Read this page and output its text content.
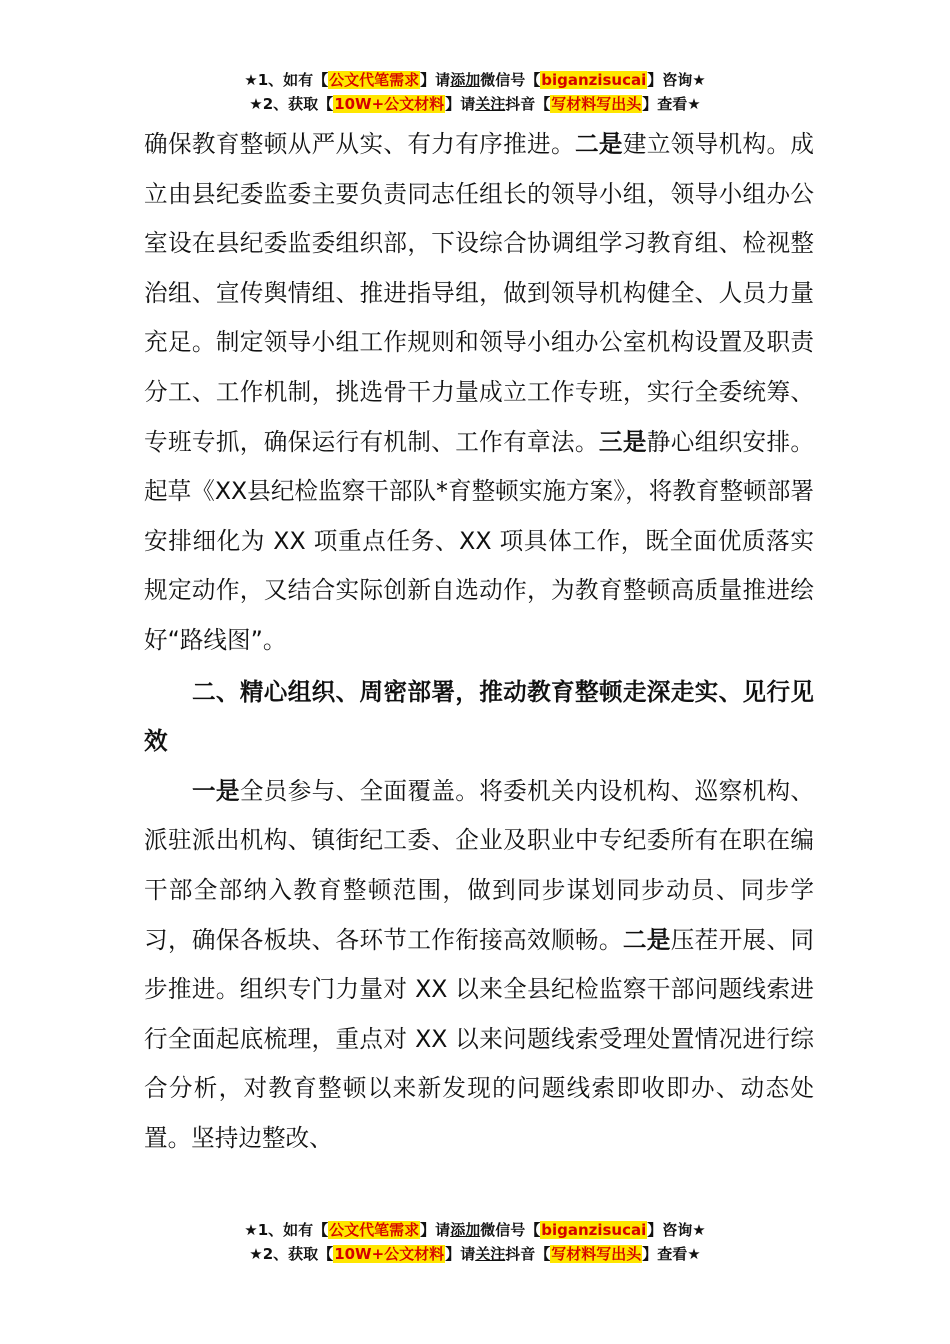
★1、如有【公文代笔需求】请添加微信号【biganzisucai】咨询★
★2、获取【10W+公文材料】请关注抖音【写材料写出头】查看★

确保教育整顿从严从实、有力有序推进。二是建立领导机构。成立由县纪委监委主要负责同志任组长的领导小组，领导小组办公室设在县纪委监委组织部，下设综合协调组学习教育组、检视整治组、宣传舆情组、推进指导组，做到领导机构健全、人员力量充足。制定领导小组工作规则和领导小组办公室机构设置及职责分工、工作机制，挑选骨干力量成立工作专班，实行全委统筹、专班专抓，确保运行有机制、工作有章法。三是静心组织安排。起草《XX县纪检监察干部队*育整顿实施方案》，将教育整顿部署安排细化为 XX 项重点任务、XX 项具体工作，既全面优质落实规定动作，又结合实际创新自选动作，为教育整顿高质量推进绘好“路线图”。

二、精心组织、周密部署，推动教育整顿走深走实、见行见效

一是全员参与、全面覆盖。将委机关内设机构、巡察机构、派驻派出机构、镇街纪工委、企业及职业中专纪委所有在职在编干部全部纳入教育整顿范围，做到同步谋划同步动员、同步学习，确保各板块、各环节工作衔接高效顺畅。二是压茬开展、同步推进。组织专门力量对 XX 以来全县纪检监察干部问题线索进行全面起底梳理，重点对 XX 以来问题线索受理处置情况进行综合分析，对教育整顿以来新发现的问题线索即收即办、动态处置。坚持边整改、

★1、如有【公文代笔需求】请添加微信号【biganzisucai】咨询★
★2、获取【10W+公文材料】请关注抖音【写材料写出头】查看★
